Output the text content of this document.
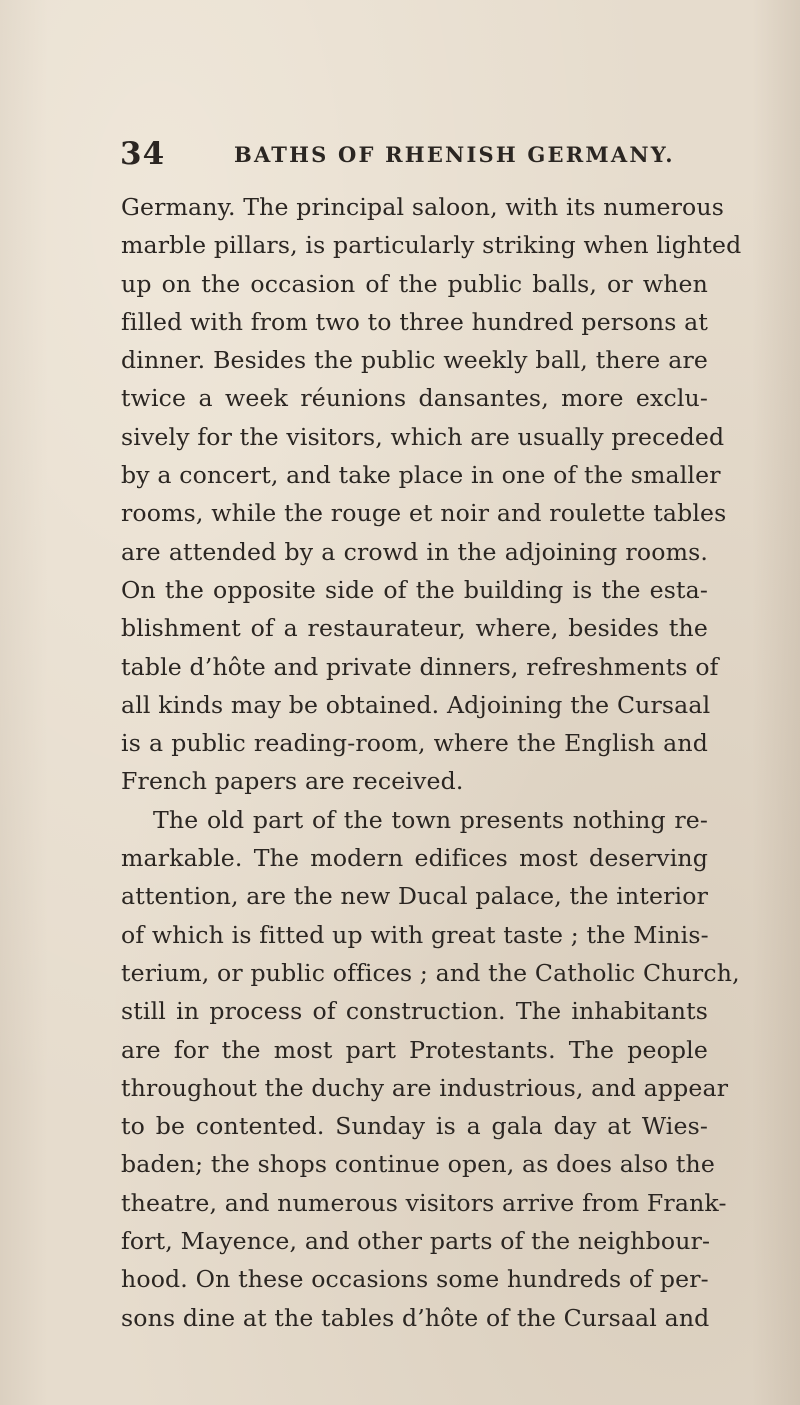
34	BATHS OF RHENISH GERMANY.
Germany. The principal saloon, with its numerous
marble pillars, is particularly striking when lighted
up on the occasion of the public balls, or when
filled with from two to three hundred persons at
dinner. Besides the public weekly ball, there are
twice a week réunions dansantes, more exclu-
sively for the visitors, which are usually preceded
by a concert, and take place in one of the smaller
rooms, while the rouge et noir and roulette tables
are attended by a crowd in the adjoining rooms.
On the opposite side of the building is the esta-
blishment of a restaurateur, where, besides the
table d’hôte and private dinners, refreshments of
all kinds may be obtained. Adjoining the Cursaal
is a public reading-room, where the English and
French papers are received.
The old part of the town presents nothing re-
markable. The modern edifices most deserving
attention, are the new Ducal palace, the interior
of which is fitted up with great taste ; the Minis-
terium, or public offices ; and the Catholic Church,
still in process of construction. The inhabitants
are for the most part Protestants. The people
throughout the duchy are industrious, and appear
to be contented. Sunday is a gala day at Wies-
baden; the shops continue open, as does also the
theatre, and numerous visitors arrive from Frank-
fort, Mayence, and other parts of the neighbour-
hood. On these occasions some hundreds of per-
sons dine at the tables d’hôte of the Cursaal and
